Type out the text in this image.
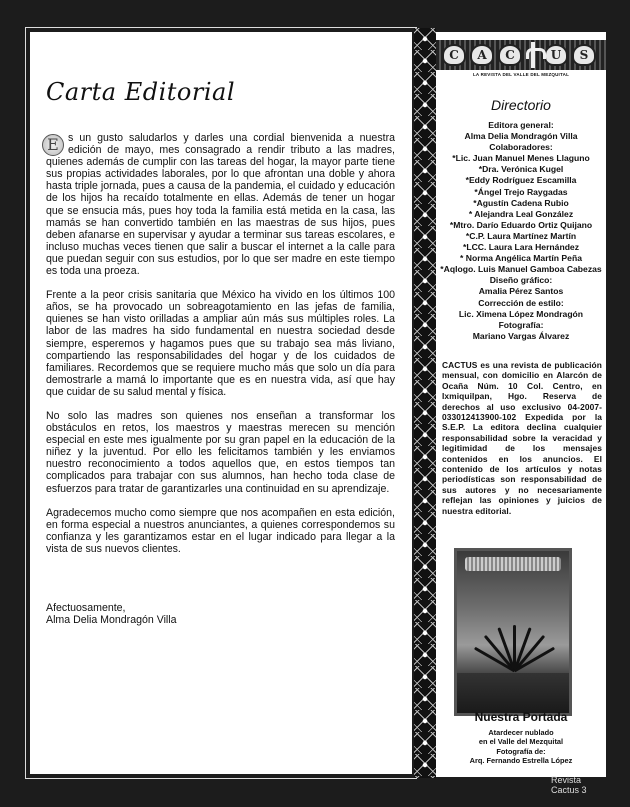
Carta Editorial

E s un gusto saludarlos y darles una cordial bienvenida a nuestra edición de mayo, mes consagrado a rendir tributo a las madres, quienes además de cumplir con las tareas del hogar, la mayor parte tiene sus propias actividades laborales, por lo que afrontan una doble y ahora hasta triple jornada, pues a causa de la pandemia, el cuidado y educación de los hijos ha recaído totalmente en ellas. Además de tener un hogar que se ensucia más, pues hoy toda la familia está metida en la casa, las mamás se han convertido también en las maestras de sus hijos, pues deben afanarse en supervisar y ayudar a terminar sus tareas escolares, e incluso muchas veces tienen que salir a buscar el internet a la calle para que puedan seguir con sus estudios, por lo que ser madre en este tiempo es toda una proeza.

Frente a la peor crisis sanitaria que México ha vivido en los últimos 100 años, se ha provocado un sobreagotamiento en las jefas de familia, quienes se han visto orilladas a ampliar aún más sus múltiples roles. La labor de las madres ha sido fundamental en nuestra sociedad desde siempre, esperemos y hagamos pues que su trabajo sea más liviano, compartiendo las responsabilidades del hogar y de los cuidados de familiares. Recordemos que se requiere mucho más que solo un día para demostrarle a mamá lo importante que es en nuestra vida, así que hay que cuidar de su salud mental y física.

No solo las madres son quienes nos enseñan a transformar los obstáculos en retos, los maestros y maestras merecen su mención especial en este mes igualmente por su gran papel en la educación de la niñez y la juventud. Por ello les felicitamos también y les enviamos nuestro reconocimiento a todos aquellos que, en estos tiempos tan complicados para trabajar con sus alumnos, han hecho toda clase de esfuerzos para tratar de garantizarles una continuidad en su aprendizaje.

Agradecemos mucho como siempre que nos acompañen en esta edición, en forma especial a nuestros anunciantes, a quienes correspondemos su confianza y les garantizamos estar en el lugar indicado para llegar a la vista de sus nuevos clientes.

Afectuosamente,
Alma Delia Mondragón Villa
C	A	C	U	S
LA REVISTA DEL VALLE DEL MEZQUITAL
Directorio
Editora general:
Alma Delia Mondragón Villa
Colaboradores:
*Lic. Juan Manuel Menes Llaguno
*Dra. Verónica Kugel
*Eddy Rodríguez Escamilla
*Ángel Trejo Raygadas
*Agustín Cadena Rubio
* Alejandra Leal González
*Mtro. Darío Eduardo Ortiz Quijano
*C.P. Laura Martínez Martín
*LCC. Laura Lara Hernández
* Norma Angélica Martín Peña
*Aqlogo. Luis Manuel Gamboa Cabezas
Diseño gráfico:
Amalia Pérez Santos
Corrección de estilo:
Lic. Ximena López Mondragón
Fotografía:
Mariano Vargas Álvarez
CACTUS es una revista de publicación mensual, con domicilio en Alarcón de Ocaña Núm. 10 Col. Centro, en Ixmiquilpan, Hgo. Reserva de derechos al uso exclusivo 04-2007-033012413900-102 Expedida por la S.E.P. La editora declina cualquier responsabilidad sobre la veracidad y legitimidad de los mensajes contenidos en los anuncios. El contenido de los artículos y notas periodísticas son responsabilidad de sus autores y no necesariamente reflejan las opiniones y juicios de nuestra editorial.
Nuestra Portada
Atardecer nublado
en el Valle del Mezquital
Fotografía de:
Arq. Fernando Estrella López
Revista Cactus 3
